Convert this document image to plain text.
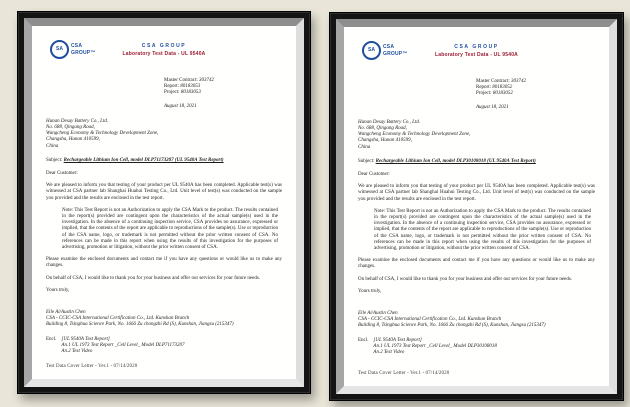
SA
CSA
GROUP™
CSA GROUP
Laboratory Test Data - UL 9540A
Master Contract: 303742
Report: 80183053
Project: 80183053
August 18, 2021
Hunan Desay Battery Co., Ltd.
No. 688, Qingang Road,
Wangcheng Economy & Technology Development Zone,
Changsha, Hunan 410599,
China
Subject: Rechargeable Lithium Ion Cell, model DLP71173207 (UL 9540A Test Report)
Dear Customer:
We are pleased to inform you that testing of your product per UL 9540A has been completed. Applicable test(s) was witnessed at CSA partner lab Shanghai Huahui Testing Co., Ltd. Unit level of test(s) was conducted on the sample you provided and the results are enclosed in the test report.
Note: This Test Report is not an Authorization to apply the CSA Mark to the product. The results contained in the report(s) provided are contingent upon the characteristics of the actual sample(s) used in the investigation. In the absence of a continuing inspection service, CSA provides no assurance, expressed or implied, that the contents of the report are applicable to reproductions of the sample(s). Use or reproduction of the CSA name, logo, or trademark is not permitted without the prior written consent of CSA. No references can be made in this report when using the results of this investigation for the purposes of advertising, promotion or litigation, without the prior written consent of CSA.
Please examine the enclosed documents and contact me if you have any questions or would like us to make any changes.
On behalf of CSA, I would like to thank you for your business and offer our services for your future needs.
Yours truly,
Elle Ai/Austin Chen
CSA - CCIC-CSA International Certification Co., Ltd. Kunshan Branch
Building 8, Tsinghua Science Park, No. 1666 Zu chongzhi Rd (S), Kunshan, Jiangsu (215347)
Encl. [UL 9540A Test Report]
An.1 UL 1973 Test Report _Cell Level_ Model DLP71173207
An.2 Test Video
Test Data Cover Letter - Ver.1 - 07/14/2020
SA
CSA
GROUP™
CSA GROUP
Laboratory Test Data - UL 9540A
Master Contract: 303742
Report: 80183052
Project: 80183052
August 18, 2021
Hunan Desay Battery Co., Ltd.
No. 688, Qingang Road,
Wangcheng Economy & Technology Development Zone,
Changsha, Hunan 410599,
China
Subject: Rechargeable Lithium Ion Cell, model DLP30108018 (UL 9540A Test Report)
Dear Customer:
We are pleased to inform you that testing of your product per UL 9540A has been completed. Applicable test(s) was witnessed at CSA partner lab Shanghai Huahui Testing Co., Ltd. Unit level of test(s) was conducted on the sample you provided and the results are enclosed in the test report.
Note: This Test Report is not an Authorization to apply the CSA Mark to the product. The results contained in the report(s) provided are contingent upon the characteristics of the actual sample(s) used in the investigation. In the absence of a continuing inspection service, CSA provides no assurance, expressed or implied, that the contents of the report are applicable to reproductions of the sample(s). Use or reproduction of the CSA name, logo, or trademark is not permitted without the prior written consent of CSA. No references can be made in this report when using the results of this investigation for the purposes of advertising, promotion or litigation, without the prior written consent of CSA.
Please examine the enclosed documents and contact me if you have any questions or would like us to make any changes.
On behalf of CSA, I would like to thank you for your business and offer our services for your future needs.
Yours truly,
Elle Ai/Austin Chen
CSA - CCIC-CSA International Certification Co., Ltd. Kunshan Branch
Building 8, Tsinghua Science Park, No. 1666 Zu chongzhi Rd (S), Kunshan, Jiangsu (215347)
Encl. [UL 9540A Test Report]
An.1 UL 1973 Test Report _Cell Level_ Model DLP30108018
An.2 Test Video
Test Data Cover Letter - Ver.1 - 07/14/2020
